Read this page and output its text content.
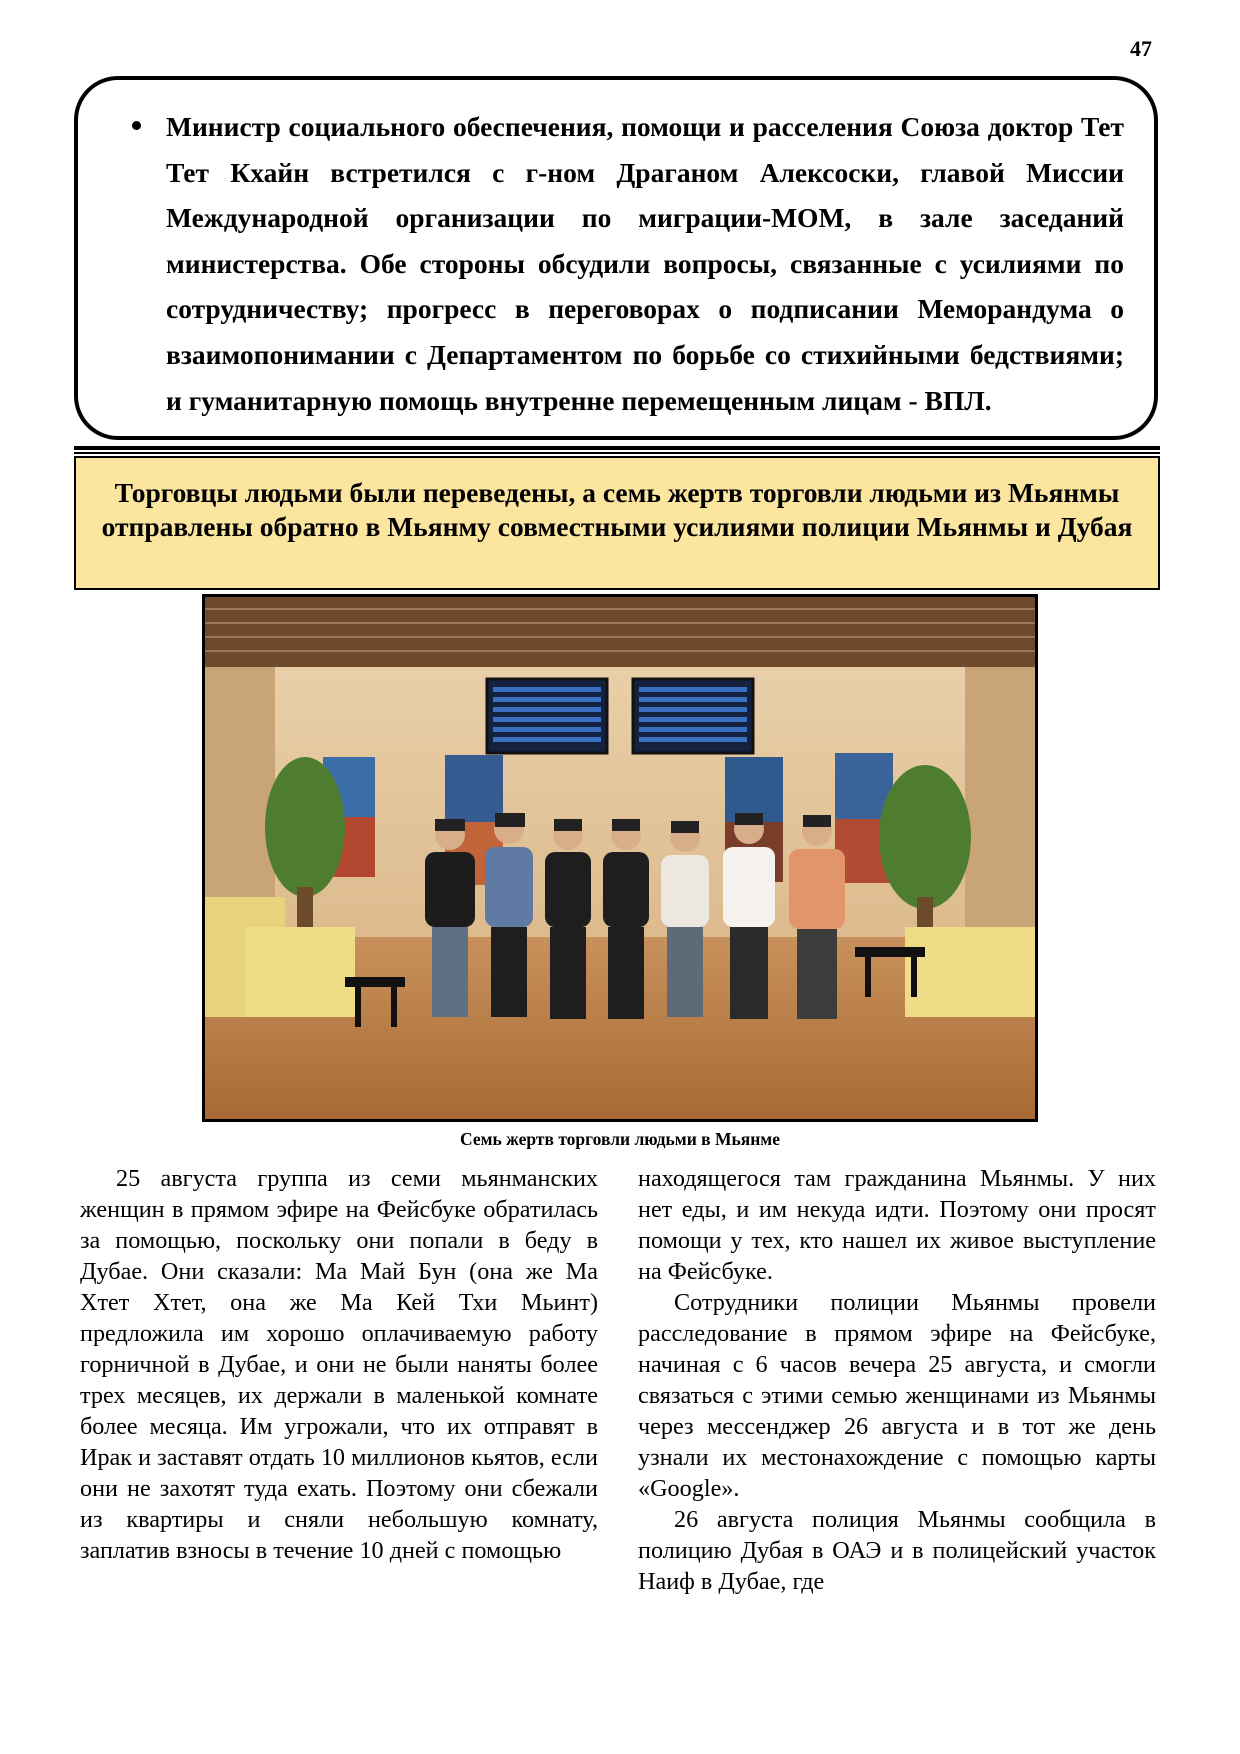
47
Министр социального обеспечения, помощи и расселения Союза доктор Тет Тет Кхайн встретился с г-ном Драганом Алексоски, главой Миссии Международной организации по миграции-МОМ, в зале заседаний министерства. Обе стороны обсудили вопросы, связанные с усилиями по сотрудничеству; прогресс в переговорах о подписании Меморандума о взаимопонимании с Департаментом по борьбе со стихийными бедствиями; и гуманитарную помощь внутренне перемещенным лицам - ВПЛ.
Торговцы людьми были переведены, а семь жертв торговли людьми из Мьянмы отправлены обратно в Мьянму совместными усилиями полиции Мьянмы и Дубая
Семь жертв торговли людьми в Мьянме

25 августа группа из семи мьянманских женщин в прямом эфире на Фейсбуке обратилась за помощью, поскольку они попали в беду в Дубае. Они сказали: Ма Май Бун (она же Ма Хтет Хтет, она же Ма Кей Тхи Мьинт) предложила им хорошо оплачиваемую работу горничной в Дубае, и они не были наняты более трех месяцев, их держали в маленькой комнате более месяца. Им угрожали, что их отправят в Ирак и заставят отдать 10 миллионов кьятов, если они не захотят туда ехать. Поэтому они сбежали из квартиры и сняли небольшую комнату, заплатив взносы в течение 10 дней с помощью

находящегося там гражданина Мьянмы. У них нет еды, и им некуда идти. Поэтому они просят помощи у тех, кто нашел их живое выступление на Фейсбуке.

Сотрудники полиции Мьянмы провели расследование в прямом эфире на Фейсбуке, начиная с 6 часов вечера 25 августа, и смогли связаться с этими семью женщинами из Мьянмы через мессенджер 26 августа и в тот же день узнали их местонахождение с помощью карты «Google».

26 августа полиция Мьянмы сообщила в полицию Дубая в ОАЭ и в полицейский участок Наиф в Дубае, где
